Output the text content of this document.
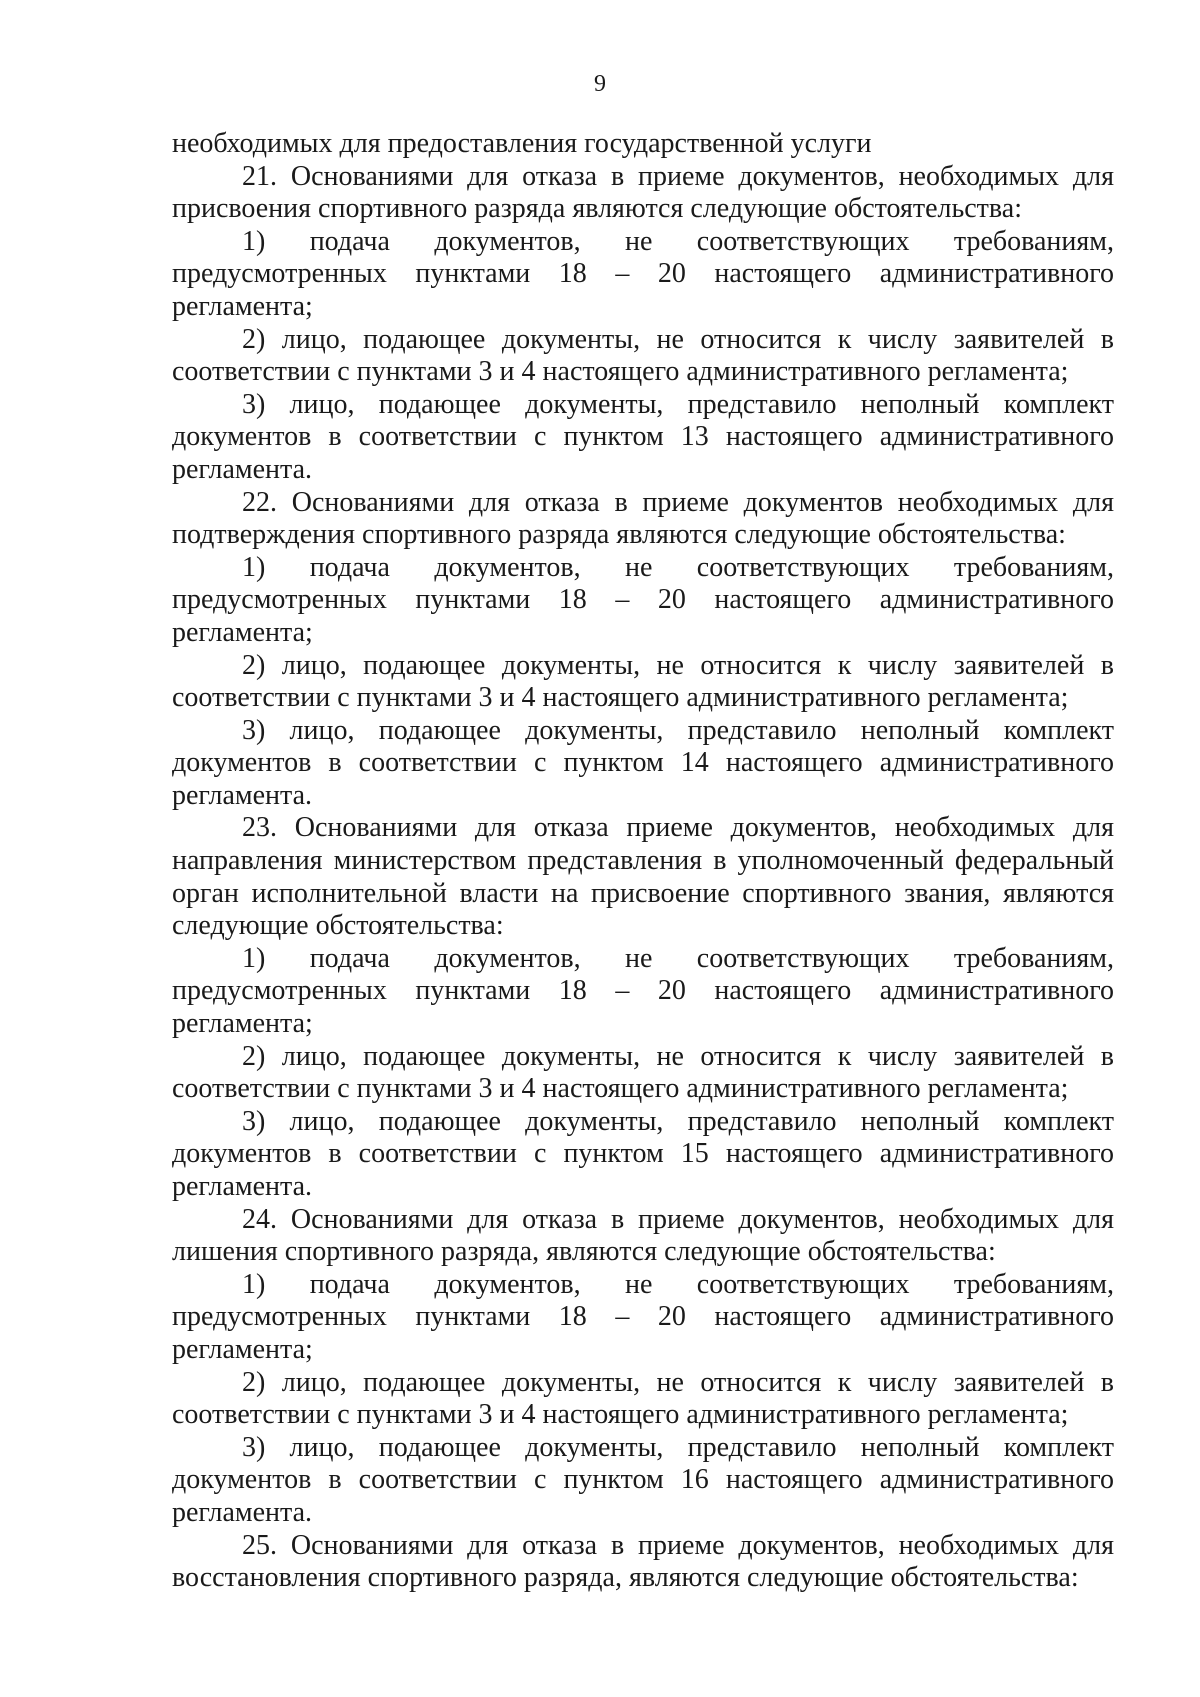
9

необходимых для предоставления государственной услуги

21. Основаниями для отказа в приеме документов, необходимых для присвоения спортивного разряда являются следующие обстоятельства:

1) подача документов, не соответствующих требованиям, предусмотренных пунктами 18 – 20 настоящего административного регламента;

2) лицо, подающее документы, не относится к числу заявителей в соответствии с пунктами 3 и 4 настоящего административного регламента;

3) лицо, подающее документы, представило неполный комплект документов в соответствии с пунктом 13 настоящего административного регламента.

22. Основаниями для отказа в приеме документов необходимых для подтверждения спортивного разряда являются следующие обстоятельства:

1) подача документов, не соответствующих требованиям, предусмотренных пунктами 18 – 20 настоящего административного регламента;

2) лицо, подающее документы, не относится к числу заявителей в соответствии с пунктами 3 и 4 настоящего административного регламента;

3) лицо, подающее документы, представило неполный комплект документов в соответствии с пунктом 14 настоящего административного регламента.

23. Основаниями для отказа приеме документов, необходимых для направления министерством представления в уполномоченный федеральный орган исполнительной власти на присвоение спортивного звания, являются следующие обстоятельства:

1) подача документов, не соответствующих требованиям, предусмотренных пунктами 18 – 20 настоящего административного регламента;

2) лицо, подающее документы, не относится к числу заявителей в соответствии с пунктами 3 и 4 настоящего административного регламента;

3) лицо, подающее документы, представило неполный комплект документов в соответствии с пунктом 15 настоящего административного регламента.

24. Основаниями для отказа в приеме документов, необходимых для лишения спортивного разряда, являются следующие обстоятельства:

1) подача документов, не соответствующих требованиям, предусмотренных пунктами 18 – 20 настоящего административного регламента;

2) лицо, подающее документы, не относится к числу заявителей в соответствии с пунктами 3 и 4 настоящего административного регламента;

3) лицо, подающее документы, представило неполный комплект документов в соответствии с пунктом 16 настоящего административного регламента.

25. Основаниями для отказа в приеме документов, необходимых для восстановления спортивного разряда, являются следующие обстоятельства:
